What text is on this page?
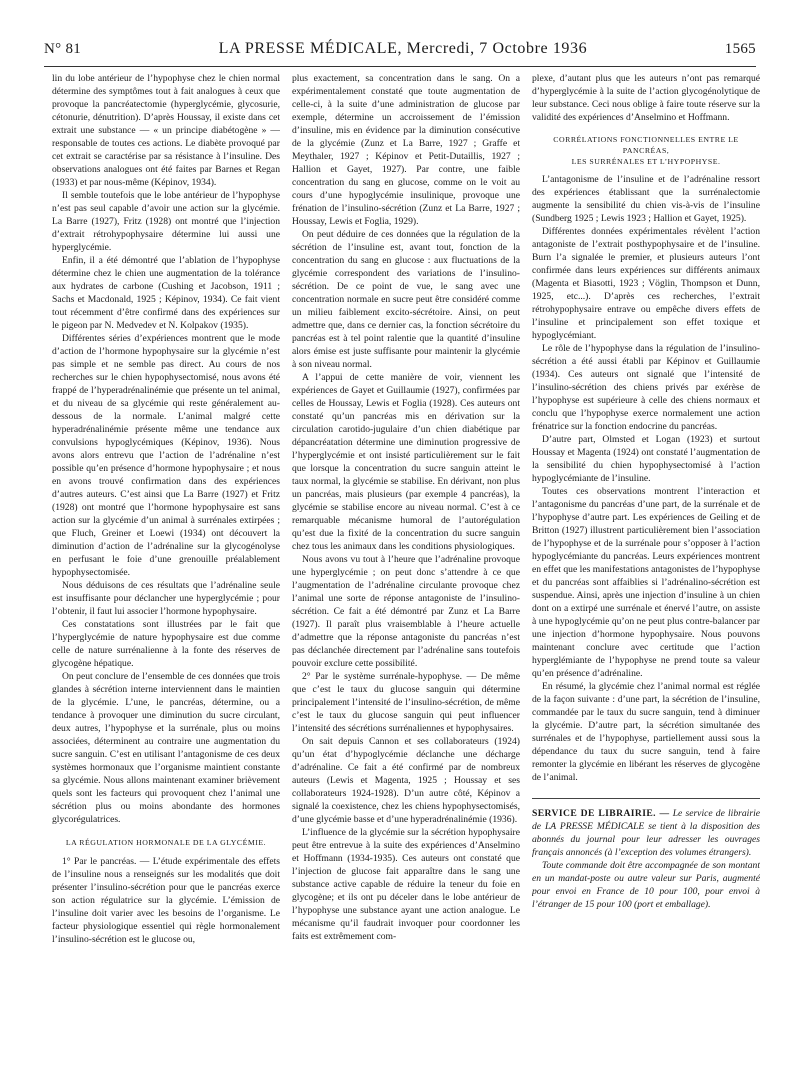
N° 81	LA PRESSE MÉDICALE, Mercredi, 7 Octobre 1936	1565

lin du lobe antérieur de l’hypophyse chez le chien normal détermine des symptômes tout à fait analogues à ceux que provoque la pancréatectomie (hyperglycémie, glycosurie, cétonurie, dénutrition). D’après Houssay, il existe dans cet extrait une substance — « un principe diabétogène » — responsable de toutes ces actions. Le diabète provoqué par cet extrait se caractérise par sa résistance à l’insuline. Des observations analogues ont été faites par Barnes et Regan (1933) et par nous-même (Képinov, 1934).

Il semble toutefois que le lobe antérieur de l’hypophyse n’est pas seul capable d’avoir une action sur la glycémie. La Barre (1927), Fritz (1928) ont montré que l’injection d’extrait rétrohypophysaire détermine lui aussi une hyperglycémie.

Enfin, il a été démontré que l’ablation de l’hypophyse détermine chez le chien une augmentation de la tolérance aux hydrates de carbone (Cushing et Jacobson, 1911 ; Sachs et Macdonald, 1925 ; Képinov, 1934). Ce fait vient tout récemment d’être confirmé dans des expériences sur le pigeon par N. Medvedev et N. Kolpakov (1935).

Différentes séries d’expériences montrent que le mode d’action de l’hormone hypophysaire sur la glycémie n’est pas simple et ne semble pas direct. Au cours de nos recherches sur le chien hypophysectomisé, nous avons été frappé de l’hyperadrénalinémie que présente un tel animal, et du niveau de sa glycémie qui reste généralement au-dessous de la normale. L’animal malgré cette hyperadrénalinémie présente même une tendance aux convulsions hypoglycémiques (Képinov, 1936). Nous avons alors entrevu que l’action de l’adrénaline n’est possible qu’en présence d’hormone hypophysaire ; et nous en avons trouvé confirmation dans des expériences d’autres auteurs. C’est ainsi que La Barre (1927) et Fritz (1928) ont montré que l’hormone hypophysaire est sans action sur la glycémie d’un animal à surrénales extirpées ; que Fluch, Greiner et Loewi (1934) ont découvert la diminution d’action de l’adrénaline sur la glycogénolyse en perfusant le foie d’une grenouille préalablement hypophysectomisée.

Nous déduisons de ces résultats que l’adrénaline seule est insuffisante pour déclancher une hyperglycémie ; pour l’obtenir, il faut lui associer l’hormone hypophysaire.

Ces constatations sont illustrées par le fait que l’hyperglycémie de nature hypophysaire est due comme celle de nature surrénalienne à la fonte des réserves de glycogène hépatique.

On peut conclure de l’ensemble de ces données que trois glandes à sécrétion interne interviennent dans le maintien de la glycémie. L’une, le pancréas, détermine, ou a tendance à provoquer une diminution du sucre circulant, deux autres, l’hypophyse et la surrénale, plus ou moins associées, déterminent au contraire une augmentation du sucre sanguin. C’est en utilisant l’antagonisme de ces deux systèmes hormonaux que l’organisme maintient constante sa glycémie. Nous allons maintenant examiner brièvement quels sont les facteurs qui provoquent chez l’animal une sécrétion plus ou moins abondante des hormones glycorégulatrices.

LA RÉGULATION HORMONALE DE LA GLYCÉMIE.

1° Par le pancréas. — L’étude expérimentale des effets de l’insuline nous a renseignés sur les modalités que doit présenter l’insulino-sécrétion pour que le pancréas exerce son action régulatrice sur la glycémie. L’émission de l’insuline doit varier avec les besoins de l’organisme. Le facteur physiologique essentiel qui règle hormonalement l’insulino-sécrétion est le glucose ou,

plus exactement, sa concentration dans le sang. On a expérimentalement constaté que toute augmentation de celle-ci, à la suite d’une administration de glucose par exemple, détermine un accroissement de l’émission d’insuline, mis en évidence par la diminution consécutive de la glycémie (Zunz et La Barre, 1927 ; Graffe et Meythaler, 1927 ; Képinov et Petit-Dutaillis, 1927 ; Hallion et Gayet, 1927). Par contre, une faible concentration du sang en glucose, comme on le voit au cours d’une hypoglycémie insulinique, provoque une frénation de l’insulino-sécrétion (Zunz et La Barre, 1927 ; Houssay, Lewis et Foglia, 1929).

On peut déduire de ces données que la régulation de la sécrétion de l’insuline est, avant tout, fonction de la concentration du sang en glucose : aux fluctuations de la glycémie correspondent des variations de l’insulino-sécrétion. De ce point de vue, le sang avec une concentration normale en sucre peut être considéré comme un milieu faiblement excito-sécrétoire. Ainsi, on peut admettre que, dans ce dernier cas, la fonction sécrétoire du pancréas est à tel point ralentie que la quantité d’insuline alors émise est juste suffisante pour maintenir la glycémie à son niveau normal.

A l’appui de cette manière de voir, viennent les expériences de Gayet et Guillaumie (1927), confirmées par celles de Houssay, Lewis et Foglia (1928). Ces auteurs ont constaté qu’un pancréas mis en dérivation sur la circulation carotido-jugulaire d’un chien diabétique par dépancréatation détermine une diminution progressive de l’hyperglycémie et ont insisté particulièrement sur le fait que lorsque la concentration du sucre sanguin atteint le taux normal, la glycémie se stabilise. En dérivant, non plus un pancréas, mais plusieurs (par exemple 4 pancréas), la glycémie se stabilise encore au niveau normal. C’est à ce remarquable mécanisme humoral de l’autorégulation qu’est due la fixité de la concentration du sucre sanguin chez tous les animaux dans les conditions physiologiques.

Nous avons vu tout à l’heure que l’adrénaline provoque une hyperglycémie ; on peut donc s’attendre à ce que l’augmentation de l’adrénaline circulante provoque chez l’animal une sorte de réponse antagoniste de l’insulino-sécrétion. Ce fait a été démontré par Zunz et La Barre (1927). Il paraît plus vraisemblable à l’heure actuelle d’admettre que la réponse antagoniste du pancréas n’est pas déclanchée directement par l’adrénaline sans toutefois pouvoir exclure cette possibilité.

2° Par le système surrénale-hypophyse. — De même que c’est le taux du glucose sanguin qui détermine principalement l’intensité de l’insulino-sécrétion, de même c’est le taux du glucose sanguin qui peut influencer l’intensité des sécrétions surrénaliennes et hypophysaires.

On sait depuis Cannon et ses collaborateurs (1924) qu’un état d’hypoglycémie déclanche une décharge d’adrénaline. Ce fait a été confirmé par de nombreux auteurs (Lewis et Magenta, 1925 ; Houssay et ses collaborateurs 1924-1928). D’un autre côté, Képinov a signalé la coexistence, chez les chiens hypophysectomisés, d’une glycémie basse et d’une hyperadrénalinémie (1936).

L’influence de la glycémie sur la sécrétion hypophysaire peut être entrevue à la suite des expériences d’Anselmino et Hoffmann (1934-1935). Ces auteurs ont constaté que l’injection de glucose fait apparaître dans le sang une substance active capable de réduire la teneur du foie en glycogène; et ils ont pu déceler dans le lobe antérieur de l’hypophyse une substance ayant une action analogue. Le mécanisme qu’il faudrait invoquer pour coordonner les faits est extrêmement com-

plexe, d’autant plus que les auteurs n’ont pas remarqué d’hyperglycémie à la suite de l’action glycogénolytique de leur substance. Ceci nous oblige à faire toute réserve sur la validité des expériences d’Anselmino et Hoffmann.

CORRÉLATIONS FONCTIONNELLES ENTRE LE PANCRÉAS,
LES SURRÉNALES ET L’HYPOPHYSE.

L’antagonisme de l’insuline et de l’adrénaline ressort des expériences établissant que la surrénalectomie augmente la sensibilité du chien vis-à-vis de l’insuline (Sundberg 1925 ; Lewis 1923 ; Hallion et Gayet, 1925).

Différentes données expérimentales révèlent l’action antagoniste de l’extrait posthypophysaire et de l’insuline. Burn l’a signalée le premier, et plusieurs auteurs l’ont confirmée dans leurs expériences sur différents animaux (Magenta et Biasotti, 1923 ; Vöglin, Thompson et Dunn, 1925, etc...). D’après ces recherches, l’extrait rétrohypophysaire entrave ou empêche divers effets de l’insuline et principalement son effet toxique et hypoglycémiant.

Le rôle de l’hypophyse dans la régulation de l’insulino-sécrétion a été aussi établi par Képinov et Guillaumie (1934). Ces auteurs ont signalé que l’intensité de l’insulino-sécrétion des chiens privés par exérèse de l’hypophyse est supérieure à celle des chiens normaux et conclu que l’hypophyse exerce normalement une action frénatrice sur la fonction endocrine du pancréas.

D’autre part, Olmsted et Logan (1923) et surtout Houssay et Magenta (1924) ont constaté l’augmentation de la sensibilité du chien hypophysectomisé à l’action hypoglycémiante de l’insuline.

Toutes ces observations montrent l’interaction et l’antagonisme du pancréas d’une part, de la surrénale et de l’hypophyse d’autre part. Les expériences de Geiling et de Britton (1927) illustrent particulièrement bien l’association de l’hypophyse et de la surrénale pour s’opposer à l’action hypoglycémiante du pancréas. Leurs expériences montrent en effet que les manifestations antagonistes de l’hypophyse et du pancréas sont affaiblies si l’adrénalino-sécrétion est suspendue. Ainsi, après une injection d’insuline à un chien dont on a extirpé une surrénale et énervé l’autre, on assiste à une hypoglycémie qu’on ne peut plus contre-balancer par une injection d’hormone hypophysaire. Nous pouvons maintenant conclure avec certitude que l’action hyperglémiante de l’hypophyse ne prend toute sa valeur qu’en présence d’adrénaline.

En résumé, la glycémie chez l’animal normal est réglée de la façon suivante : d’une part, la sécrétion de l’insuline, commandée par le taux du sucre sanguin, tend à diminuer la glycémie. D’autre part, la sécrétion simultanée des surrénales et de l’hypophyse, partiellement aussi sous la dépendance du taux du sucre sanguin, tend à faire remonter la glycémie en libérant les réserves de glycogène de l’animal.

SERVICE DE LIBRAIRIE. — Le service de librairie de LA PRESSE MÉDICALE se tient à la disposition des abonnés du journal pour leur adresser les ouvrages français annoncés (à l’exception des volumes étrangers).

Toute commande doit être accompagnée de son montant en un mandat-poste ou autre valeur sur Paris, augmenté pour envoi en France de 10 pour 100, pour envoi à l’étranger de 15 pour 100 (port et emballage).
